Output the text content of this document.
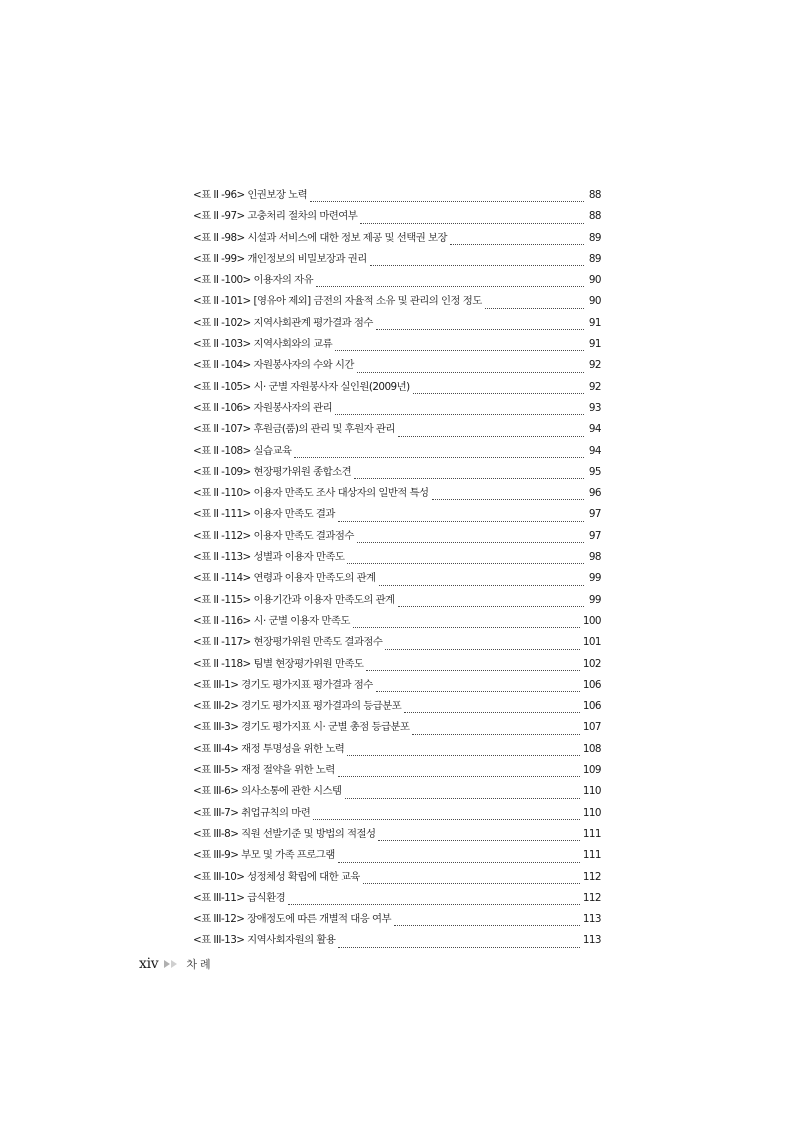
<표 II -96> 인권보장 노력	88
<표 II -97> 고충처리 절차의 마련여부	88
<표 II -98> 시설과 서비스에 대한 정보 제공 및 선택권 보장	89
<표 II -99> 개인정보의 비밀보장과 권리	89
<표 II -100> 이용자의 자유	90
<표 II -101> [영유아 제외] 금전의 자율적 소유 및 관리의 인정 정도	90
<표 II -102> 지역사회관계 평가결과 점수	91
<표 II -103> 지역사회와의 교류	91
<표 II -104> 자원봉사자의 수와 시간	92
<표 II -105> 시· 군별 자원봉사자 실인원(2009년)	92
<표 II -106> 자원봉사자의 관리	93
<표 II -107> 후원금(품)의 관리 및 후원자 관리	94
<표 II -108> 실습교육	94
<표 II -109> 현장평가위원 종합소견	95
<표 II -110> 이용자 만족도 조사 대상자의 일반적 특성	96
<표 II -111> 이용자 만족도 결과	97
<표 II -112> 이용자 만족도 결과점수	97
<표 II -113> 성별과 이용자 만족도	98
<표 II -114> 연령과 이용자 만족도의 관계	99
<표 II -115> 이용기간과 이용자 만족도의 관계	99
<표 II -116> 시· 군별 이용자 만족도	100
<표 II -117> 현장평가위원 만족도 결과점수	101
<표 II -118> 팀별 현장평가위원 만족도	102
<표 III-1> 경기도 평가지표 평가결과 점수	106
<표 III-2> 경기도 평가지표 평가결과의 등급분포	106
<표 III-3> 경기도 평가지표 시· 군별 총점 등급분포	107
<표 III-4> 재정 투명성을 위한 노력	108
<표 III-5> 재정 절약을 위한 노력	109
<표 III-6> 의사소통에 관한 시스템	110
<표 III-7> 취업규칙의 마련	110
<표 III-8> 직원 선발기준 및 방법의 적절성	111
<표 III-9> 부모 및 가족 프로그램	111
<표 III-10> 성정체성 확립에 대한 교육	112
<표 III-11> 급식환경	112
<표 III-12> 장애정도에 따른 개별적 대응 여부	113
<표 III-13> 지역사회자원의 활용	113
xiv	차례
